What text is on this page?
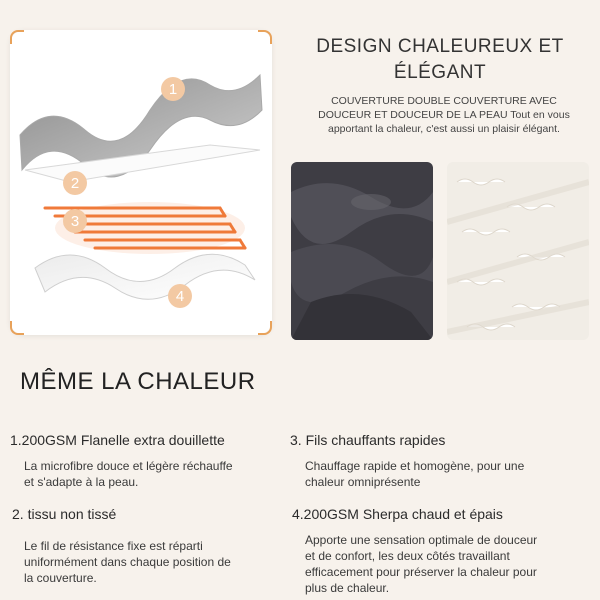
1
2
3
4
DESIGN CHALEUREUX ET
ÉLÉGANT
COUVERTURE DOUBLE COUVERTURE AVEC
DOUCEUR ET DOUCEUR DE LA PEAU Tout en vous
apportant la chaleur, c'est aussi un plaisir élégant.
MÊME LA CHALEUR
1.200GSM Flanelle extra douillette
La microfibre douce et légère réchauffe
et s'adapte à la peau.
2. tissu non tissé
Le fil de résistance fixe est réparti
uniformément dans chaque position de
la couverture.
3. Fils chauffants rapides
Chauffage rapide et homogène, pour une
chaleur omniprésente
4.200GSM Sherpa chaud et épais
Apporte une sensation optimale de douceur
et de confort, les deux côtés travaillant
efficacement pour préserver la chaleur pour
plus de chaleur.
